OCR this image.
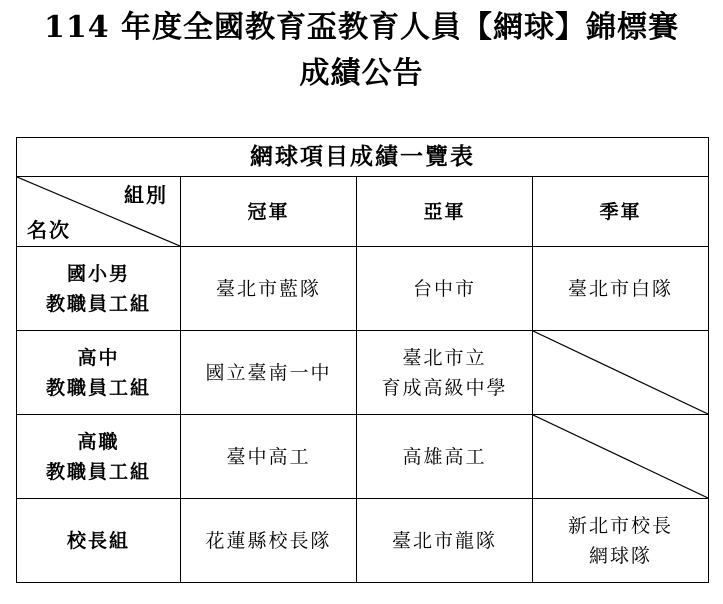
114 年度全國教育盃教育人員【網球】錦標賽
成績公告
網球項目成績一覽表			

組別
名次	冠軍	亞軍	季軍

國小男
教職員工組	臺北市藍隊	台中市	臺北市白隊

高中
教職員工組	國立臺南一中	臺北市立
育成高級中學

高職
教職員工組	臺中高工	高雄高工

校長組	花蓮縣校長隊	臺北市龍隊	新北市校長
網球隊
